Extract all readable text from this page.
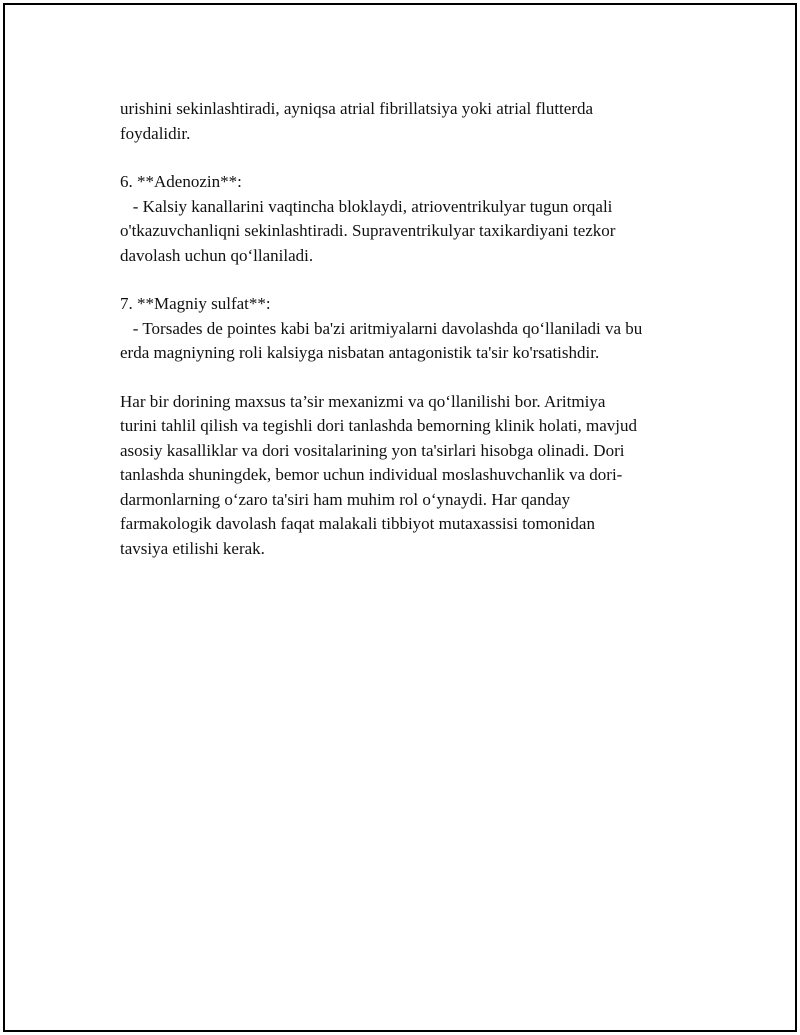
urishini sekinlashtiradi, ayniqsa atrial fibrillatsiya yoki atrial flutterda
foydalidir.

6. **Adenozin**:
- Kalsiy kanallarini vaqtincha bloklaydi, atrioventrikulyar tugun orqali
o'tkazuvchanliqni sekinlashtiradi. Supraventrikulyar taxikardiyani tezkor
davolash uchun qo‘llaniladi.

7. **Magniy sulfat**:
- Torsades de pointes kabi ba'zi aritmiyalarni davolashda qo‘llaniladi va bu
erda magniyning roli kalsiyga nisbatan antagonistik ta'sir ko'rsatishdir.

Har bir dorining maxsus ta’sir mexanizmi va qo‘llanilishi bor. Aritmiya
turini tahlil qilish va tegishli dori tanlashda bemorning klinik holati, mavjud
asosiy kasalliklar va dori vositalarining yon ta'sirlari hisobga olinadi. Dori
tanlashda shuningdek, bemor uchun individual moslashuvchanlik va dori-
darmonlarning o‘zaro ta'siri ham muhim rol o‘ynaydi. Har qanday
farmakologik davolash faqat malakali tibbiyot mutaxassisi tomonidan
tavsiya etilishi kerak.
